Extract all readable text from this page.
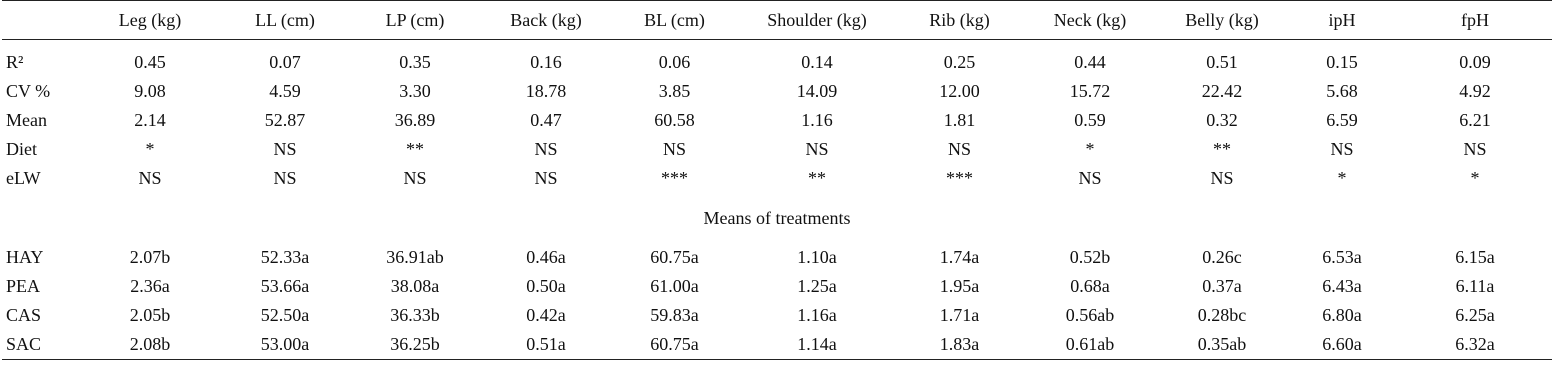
	Leg (kg)	LL (cm)	LP (cm)	Back (kg)	BL (cm)	Shoulder (kg)	Rib (kg)	Neck (kg)	Belly (kg)	ipH	fpH
R²	0.45	0.07	0.35	0.16	0.06	0.14	0.25	0.44	0.51	0.15	0.09
CV %	9.08	4.59	3.30	18.78	3.85	14.09	12.00	15.72	22.42	5.68	4.92
Mean	2.14	52.87	36.89	0.47	60.58	1.16	1.81	0.59	0.32	6.59	6.21
Diet	*	NS	**	NS	NS	NS	NS	*	**	NS	NS
eLW	NS	NS	NS	NS	***	**	***	NS	NS	*	*
Means of treatments											
HAY	2.07b	52.33a	36.91ab	0.46a	60.75a	1.10a	1.74a	0.52b	0.26c	6.53a	6.15a
PEA	2.36a	53.66a	38.08a	0.50a	61.00a	1.25a	1.95a	0.68a	0.37a	6.43a	6.11a
CAS	2.05b	52.50a	36.33b	0.42a	59.83a	1.16a	1.71a	0.56ab	0.28bc	6.80a	6.25a
SAC	2.08b	53.00a	36.25b	0.51a	60.75a	1.14a	1.83a	0.61ab	0.35ab	6.60a	6.32a
